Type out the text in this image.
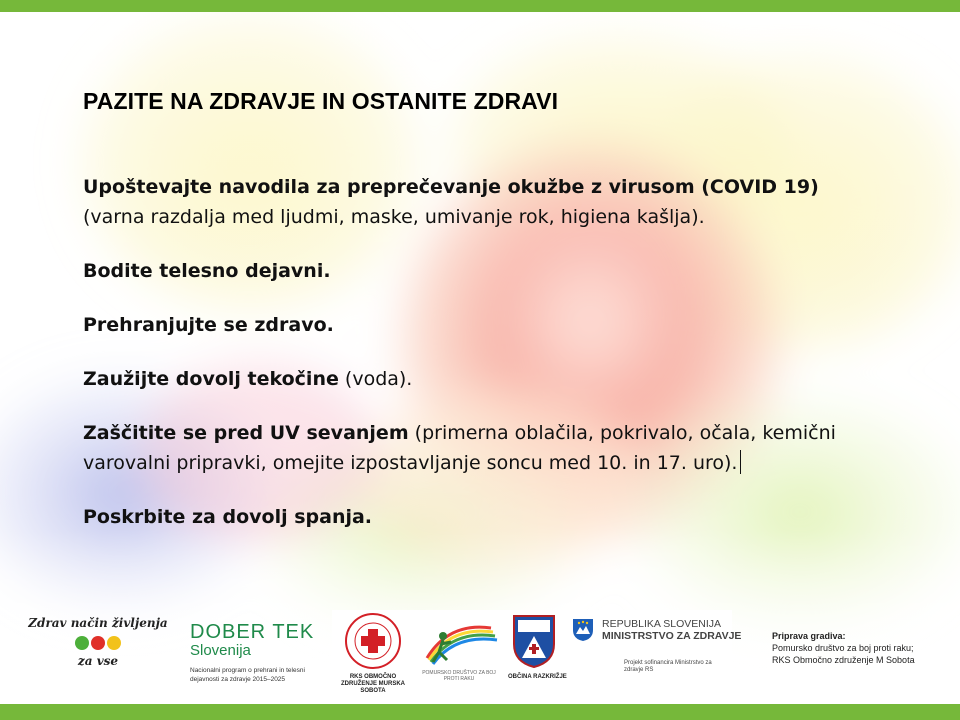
PAZITE NA ZDRAVJE IN OSTANITE ZDRAVI

Upoštevajte navodila za preprečevanje okužbe z virusom (COVID 19)
(varna razdalja med ljudmi, maske, umivanje rok, higiena kašlja).

Bodite telesno dejavni.

Prehranjujte se zdravo.

Zaužijte dovolj tekočine (voda).

Zaščitite se pred UV sevanjem (primerna oblačila, pokrivalo, očala, kemični varovalni pripravki, omejite izpostavljanje soncu med 10. in 17. uro).

Poskrbite za dovolj spanja.

Zdrav način življenja
za vse
DOBER TEK
Slovenija
Nacionalni program o prehrani in telesni dejavnosti za zdravje 2015–2025	RKS OBMOČNO ZDRUŽENJE MURSKA SOBOTA
POMURSKO DRUŠTVO ZA BOJ PROTI RAKU	OBČINA RAZKRIŽJE
REPUBLIKA SLOVENIJA
MINISTRSTVO ZA ZDRAVJE
Projekt sofinancira Ministrstvo za zdravje RS
Priprava gradiva:
Pomursko društvo za boj proti raku;
RKS Območno združenje M Sobota
